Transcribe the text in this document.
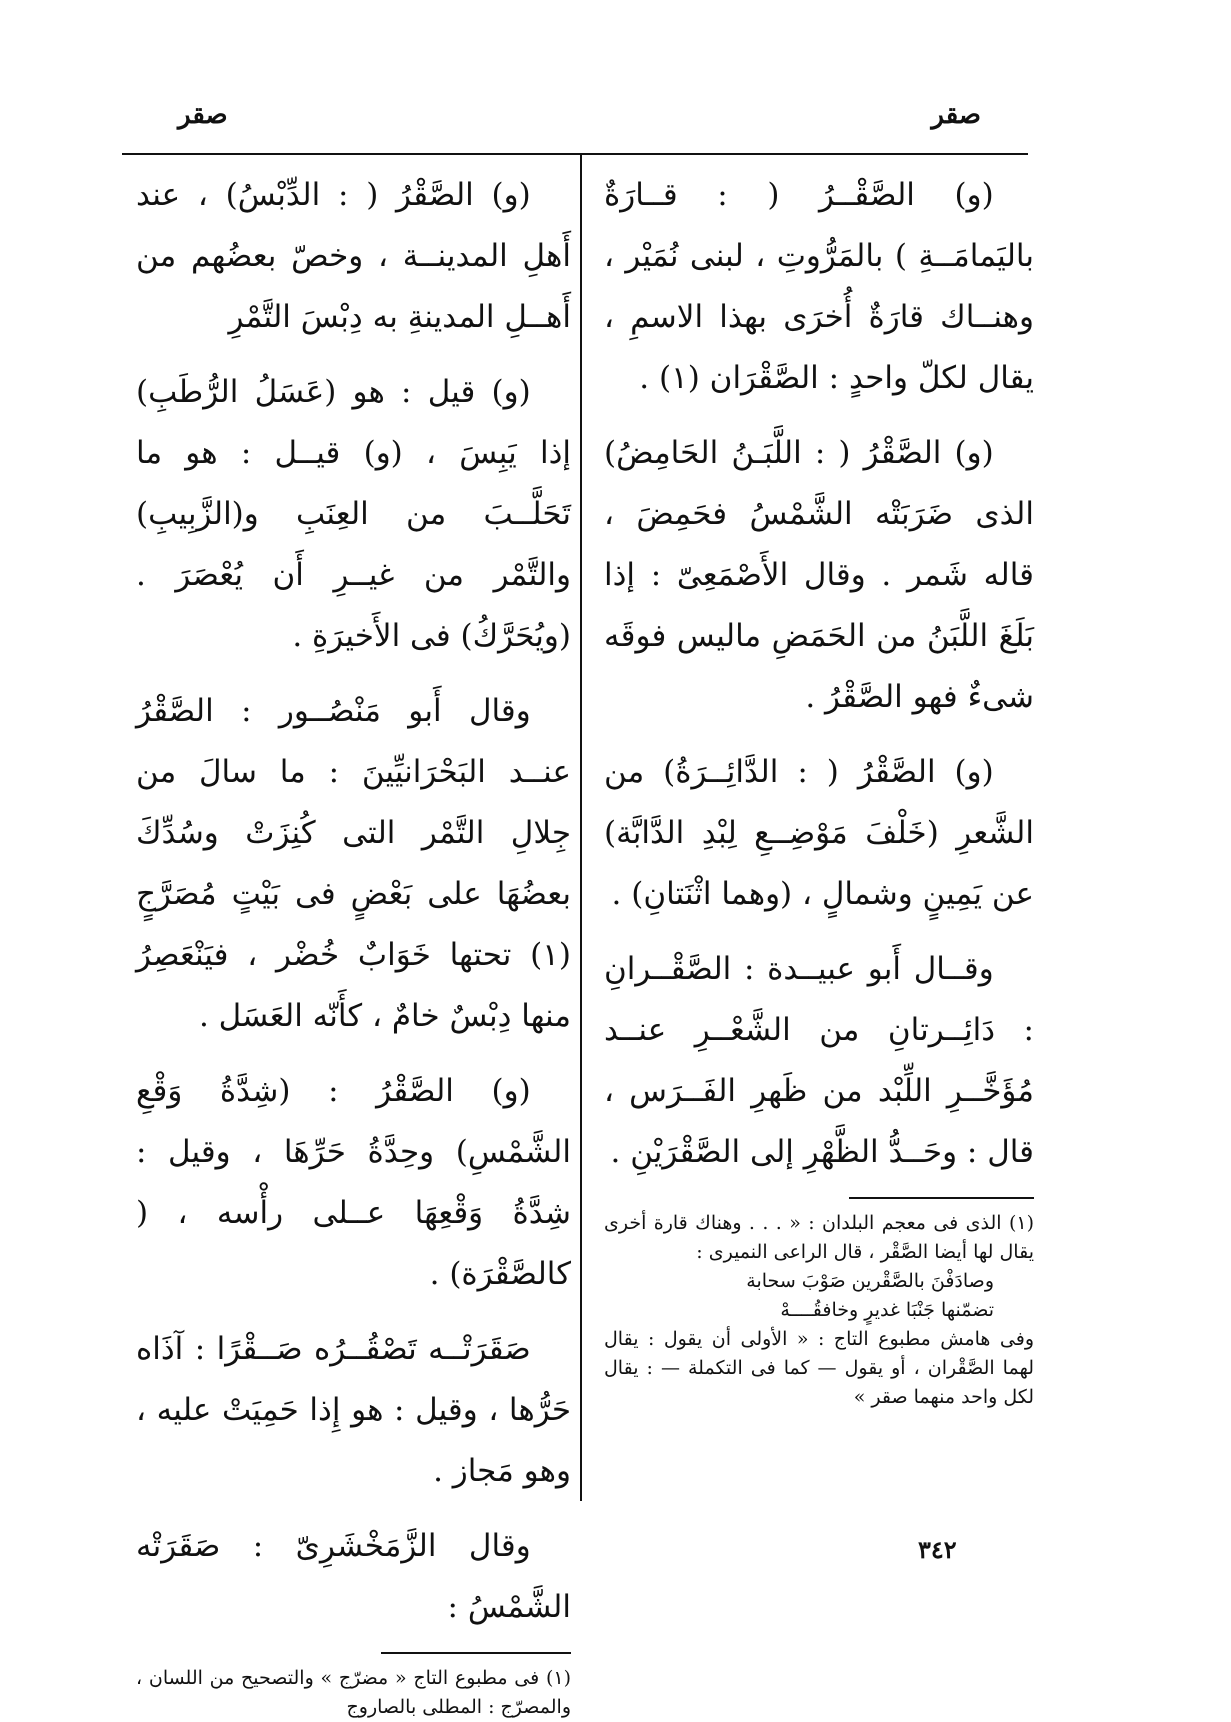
صقر
صقر

(و) الصَّقْــرُ ( : قــارَةٌ باليَمامَــةِ ) بالمَرُّوتِ ، لبنى نُمَيْر ، وهنــاك قارَةٌ أُخرَى بهذا الاسمِ ، يقال لكلّ واحدٍ : الصَّقْرَان (١) .

(و) الصَّقْرُ ( : اللَّبَـنُ الحَامِضُ) الذى ضَرَبَتْه الشَّمْسُ فحَمِضَ ، قاله شَمر . وقال الأَصْمَعِىّ : إذا بَلَغَ اللَّبَنُ من الحَمَضِ ماليس فوقَه شىءٌ فهو الصَّقْرُ .

(و) الصَّقْرُ ( : الدَّائِــرَةُ) من الشَّعرِ (خَلْفَ مَوْضِــعِ لِبْدِ الدَّابَّة) عن يَمِينٍ وشمالٍ ، (وهما اثْنَتانِ) .

وقــال أَبو عبيــدة : الصَّقْــرانِ : دَائِــرتانِ من الشَّعْــرِ عنــد مُؤَخَّــرِ اللِّبْد من ظَهرِ الفَــرَس ، قال : وحَــدُّ الظَّهْرِ إلى الصَّقْرَيْنِ .

(١) الذى فى معجم البلدان : « . . . وهناك قارة أخرى يقال لها أيضا الصَّقْر ، قال الراعى النميرى :
وصادَفْنَ بالصَّقْرين صَوْبَ سحابة
تضمّنها جَنْبَا غديرٍ وخافقُــــهْ
وفى هامش مطبوع التاج : « الأولى أن يقول : يقال لهما الصَّقْران ، أو يقول — كما فى التكملة — : يقال لكل واحد منهما صقر »

(و) الصَّقْرُ ( : الدِّبْسُ) ، عند أَهلِ المدينــة ، وخصّ بعضُهم من أَهــلِ المدينةِ به دِبْسَ التَّمْرِ

(و) قيل : هو (عَسَلُ الرُّطَبِ) إذا يَبِسَ ، (و) قيــل : هو ما تَحَلَّــبَ من العِنَبِ و(الزَّبِيبِ) والتَّمْر من غيــرِ أَن يُعْصَرَ . (ويُحَرَّكُ) فى الأَخيرَةِ .

وقال أَبو مَنْصُــور : الصَّقْرُ عنــد البَحْرَانيِّينَ : ما سالَ من جِلالِ التَّمْر التى كُنِزَتْ وسُدِّكَ بعضُهَا على بَعْضٍ فى بَيْتٍ مُصَرَّجٍ (١) تحتها خَوَابٌ خُضْر ، فيَنْعَصِرُ منها دِبْسٌ خامٌ ، كأَنّه العَسَل .

(و) الصَّقْرُ : (شِدَّةُ وَقْعِ الشَّمْسِ) وحِدَّةُ حَرِّهَا ، وقيل : شِدَّةُ وَقْعِهَا عــلى رأْسه ، ( كالصَّقْرَة) .

صَقَرَتْــه تَصْقُــرُه صَــقْرًا : آذَاه حَرُّها ، وقيل : هو إِذا حَمِيَتْ عليه ، وهو مَجاز .

وقال الزَّمَخْشَرِىّ : صَقَرَتْه الشَّمْسُ :

(١) فى مطبوع التاج « مضرّج » والتصحيح من اللسان ، والمصرّج : المطلى بالصاروج
٣٤٢
